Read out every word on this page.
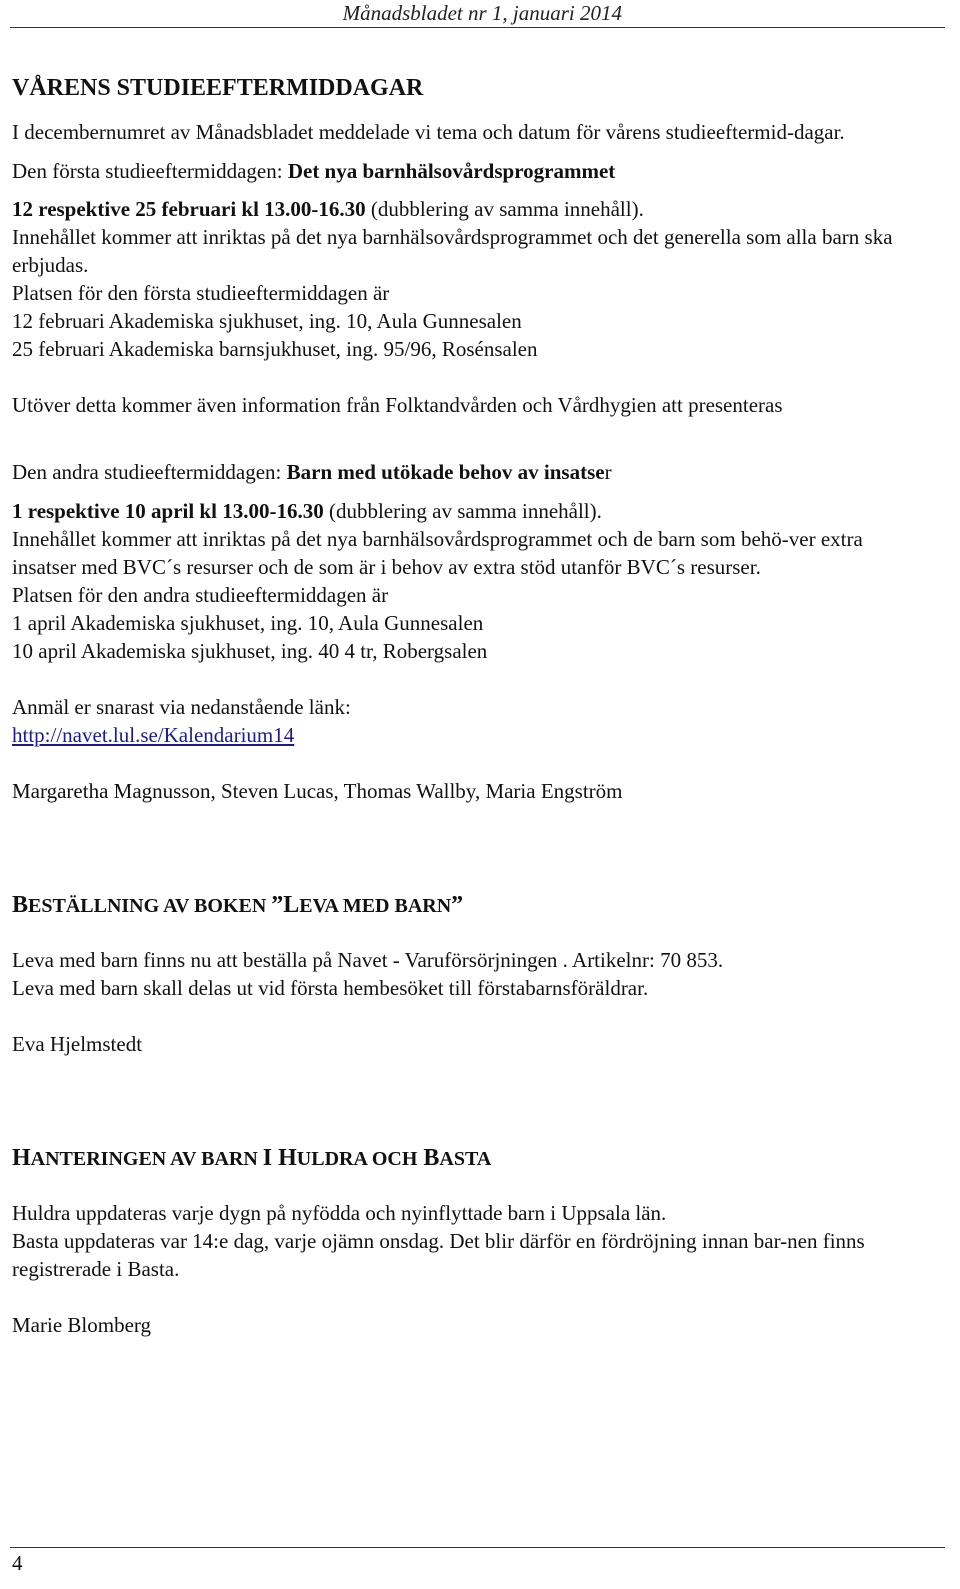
Månadsbladet nr 1, januari 2014

VÅRENS STUDIEEFTERMIDDAGAR

I decembernumret av Månadsbladet meddelade vi tema och datum för vårens studieeftermid-dagar.

Den första studieeftermiddagen: Det nya barnhälsovårdsprogrammet

12 respektive 25 februari kl 13.00-16.30 (dubblering av samma innehåll).

Innehållet kommer att inriktas på det nya barnhälsovårdsprogrammet och det generella som alla barn ska erbjudas.

Platsen för den första studieeftermiddagen är

12 februari Akademiska sjukhuset, ing. 10, Aula Gunnesalen

25 februari Akademiska barnsjukhuset, ing. 95/96, Rosénsalen

Utöver detta kommer även information från Folktandvården och Vårdhygien att presenteras

Den andra studieeftermiddagen: Barn med utökade behov av insatser

1 respektive 10 april kl 13.00-16.30 (dubblering av samma innehåll).

Innehållet kommer att inriktas på det nya barnhälsovårdsprogrammet och de barn som behö-ver extra insatser med BVC´s resurser och de som är i behov av extra stöd utanför BVC´s resurser.

Platsen för den andra studieeftermiddagen är

1 april Akademiska sjukhuset, ing. 10, Aula Gunnesalen

10 april Akademiska sjukhuset, ing. 40 4 tr, Robergsalen

Anmäl er snarast via nedanstående länk:

http://navet.lul.se/Kalendarium14

Margaretha Magnusson, Steven Lucas, Thomas Wallby, Maria Engström

BESTÄLLNING AV BOKEN ”LEVA MED BARN”

Leva med barn finns nu att beställa på Navet - Varuförsörjningen . Artikelnr: 70 853.

Leva med barn skall delas ut vid första hembesöket till förstabarnsföräldrar.

Eva Hjelmstedt

HANTERINGEN AV BARN I HULDRA OCH BASTA

Huldra uppdateras varje dygn på nyfödda och nyinflyttade barn i Uppsala län.

Basta uppdateras var 14:e dag, varje ojämn onsdag. Det blir därför en fördröjning innan bar-nen finns registrerade i Basta.

Marie Blomberg

4
